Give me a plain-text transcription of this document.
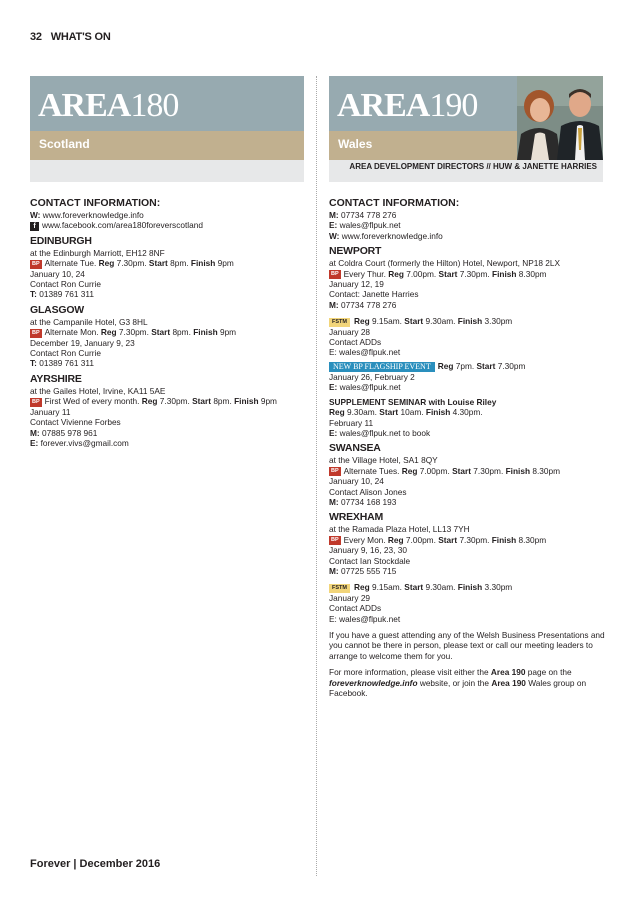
32 WHAT'S ON
AREA180
Scotland
AREA190
Wales
AREA DEVELOPMENT DIRECTORS // HUW & JANETTE HARRIES
CONTACT INFORMATION:
W: www.foreverknowledge.info
f www.facebook.com/area180foreverscotland
EDINBURGH
at the Edinburgh Marriott, EH12 8NF
BP Alternate Tue. Reg 7.30pm. Start 8pm. Finish 9pm
January 10, 24
Contact Ron Currie
T: 01389 761 311
GLASGOW
at the Campanile Hotel, G3 8HL
BP Alternate Mon. Reg 7.30pm. Start 8pm. Finish 9pm
December 19, January 9, 23
Contact Ron Currie
T: 01389 761 311
AYRSHIRE
at the Gailes Hotel, Irvine, KA11 5AE
BP First Wed of every month. Reg 7.30pm. Start 8pm. Finish 9pm
January 11
Contact Vivienne Forbes
M: 07885 978 961
E: forever.vivs@gmail.com
CONTACT INFORMATION:
M: 07734 778 276
E: wales@flpuk.net
W: www.foreverknowledge.info
NEWPORT
at Coldra Court (formerly the Hilton) Hotel, Newport, NP18 2LX
BP Every Thur. Reg 7.00pm. Start 7.30pm. Finish 8.30pm
January 12, 19
Contact: Janette Harries
M: 07734 778 276
FSTM Reg 9.15am. Start 9.30am. Finish 3.30pm
January 28
Contact ADDs
E: wales@flpuk.net
NEW BP FLAGSHIP EVENT Reg 7pm. Start 7.30pm
January 26, February 2
E: wales@flpuk.net
SUPPLEMENT SEMINAR with Louise Riley
Reg 9.30am. Start 10am. Finish 4.30pm.
February 11
E: wales@flpuk.net to book
SWANSEA
at the Village Hotel, SA1 8QY
BP Alternate Tues. Reg 7.00pm. Start 7.30pm. Finish 8.30pm
January 10, 24
Contact Alison Jones
M: 07734 168 193
WREXHAM
at the Ramada Plaza Hotel, LL13 7YH
BP Every Mon. Reg 7.00pm. Start 7.30pm. Finish 8.30pm
January 9, 16, 23, 30
Contact Ian Stockdale
M: 07725 555 715
FSTM Reg 9.15am. Start 9.30am. Finish 3.30pm
January 29
Contact ADDs
E: wales@flpuk.net
If you have a guest attending any of the Welsh Business Presentations and you cannot be there in person, please text or call our meeting leaders to arrange to welcome them for you.
For more information, please visit either the Area 190 page on the foreverknowledge.info website, or join the Area 190 Wales group on Facebook.
Forever | December 2016
